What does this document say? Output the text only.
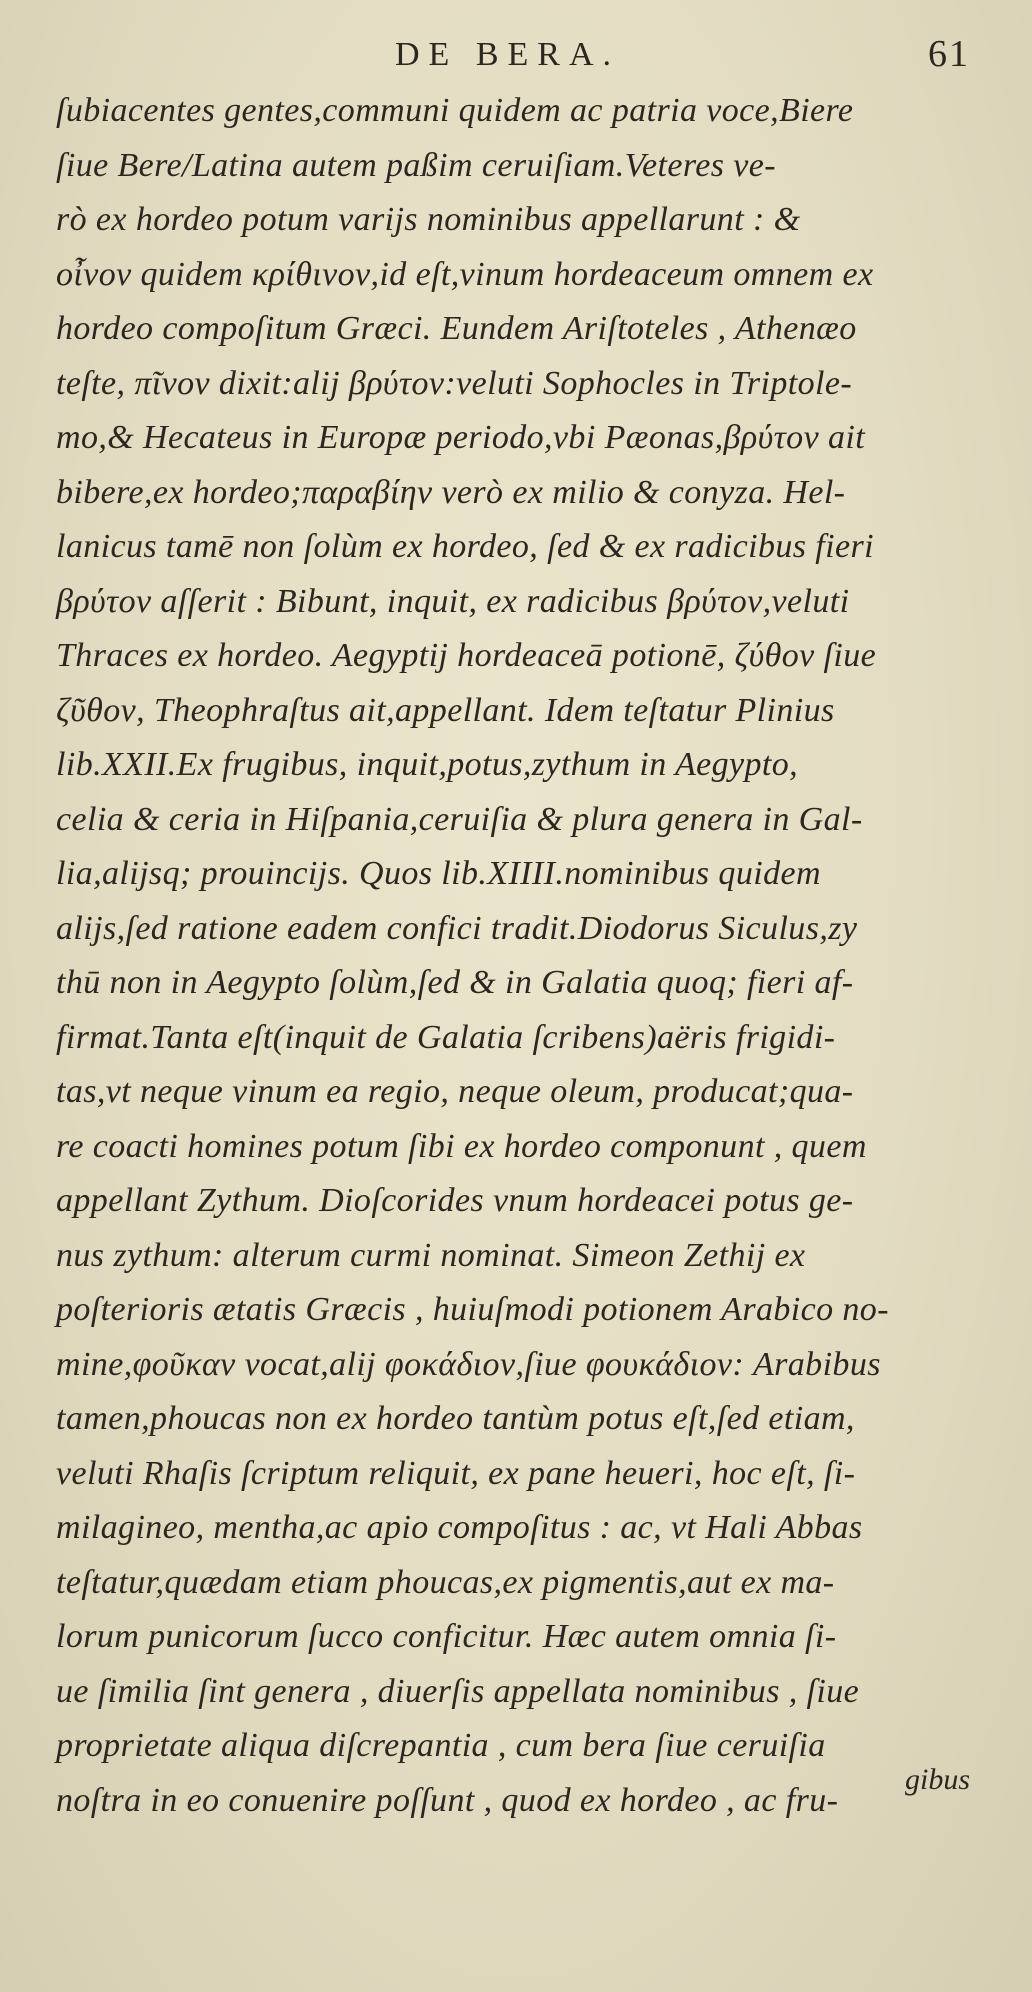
DE BERA.	61
ſubiacentes gentes,communi quidem ac patria voce,Biere
ſiue Bere/Latina autem paßim ceruiſiam.Veteres ve-
rò ex hordeo potum varijs nominibus appellarunt : &
οἶνον quidem κρίθινον,id eſt,vinum hordeaceum omnem ex
hordeo compoſitum Græci. Eundem Ariſtoteles , Athenæo
teſte, πῖνον dixit:alij βρύτον:veluti Sophocles in Triptole-
mo,& Hecateus in Europæ periodo,vbi Pæonas,βρύτον ait
bibere,ex hordeo;παραβίην verò ex milio & conyza. Hel-
lanicus tamē non ſolùm ex hordeo, ſed & ex radicibus fieri
βρύτον aſſerit : Bibunt, inquit, ex radicibus βρύτον,veluti
Thraces ex hordeo. Aegyptij hordeaceā potionē, ζύθον ſiue
ζῦθον, Theophraſtus ait,appellant. Idem teſtatur Plinius
lib.XXII.Ex frugibus, inquit,potus,zythum in Aegypto,
celia & ceria in Hiſpania,ceruiſia & plura genera in Gal-
lia,alijsq; prouincijs. Quos lib.XIIII.nominibus quidem
alijs,ſed ratione eadem confici tradit.Diodorus Siculus,zy
thū non in Aegypto ſolùm,ſed & in Galatia quoq; fieri af-
firmat.Tanta eſt(inquit de Galatia ſcribens)aëris frigidi-
tas,vt neque vinum ea regio, neque oleum, producat;qua-
re coacti homines potum ſibi ex hordeo componunt , quem
appellant Zythum. Dioſcorides vnum hordeacei potus ge-
nus zythum: alterum curmi nominat. Simeon Zethij ex
poſterioris ætatis Græcis , huiuſmodi potionem Arabico no-
mine,φοῦκαν vocat,alij φοκάδιον,ſiue φουκάδιον: Arabibus
tamen,phoucas non ex hordeo tantùm potus eſt,ſed etiam,
veluti Rhaſis ſcriptum reliquit, ex pane heueri, hoc eſt, ſi-
milagineo, mentha,ac apio compoſitus : ac, vt Hali Abbas
teſtatur,quædam etiam phoucas,ex pigmentis,aut ex ma-
lorum punicorum ſucco conficitur. Hæc autem omnia ſi-
ue ſimilia ſint genera , diuerſis appellata nominibus , ſiue
proprietate aliqua diſcrepantia , cum bera ſiue ceruiſia
noſtra in eo conuenire poſſunt , quod ex hordeo , ac fru-
gibus
